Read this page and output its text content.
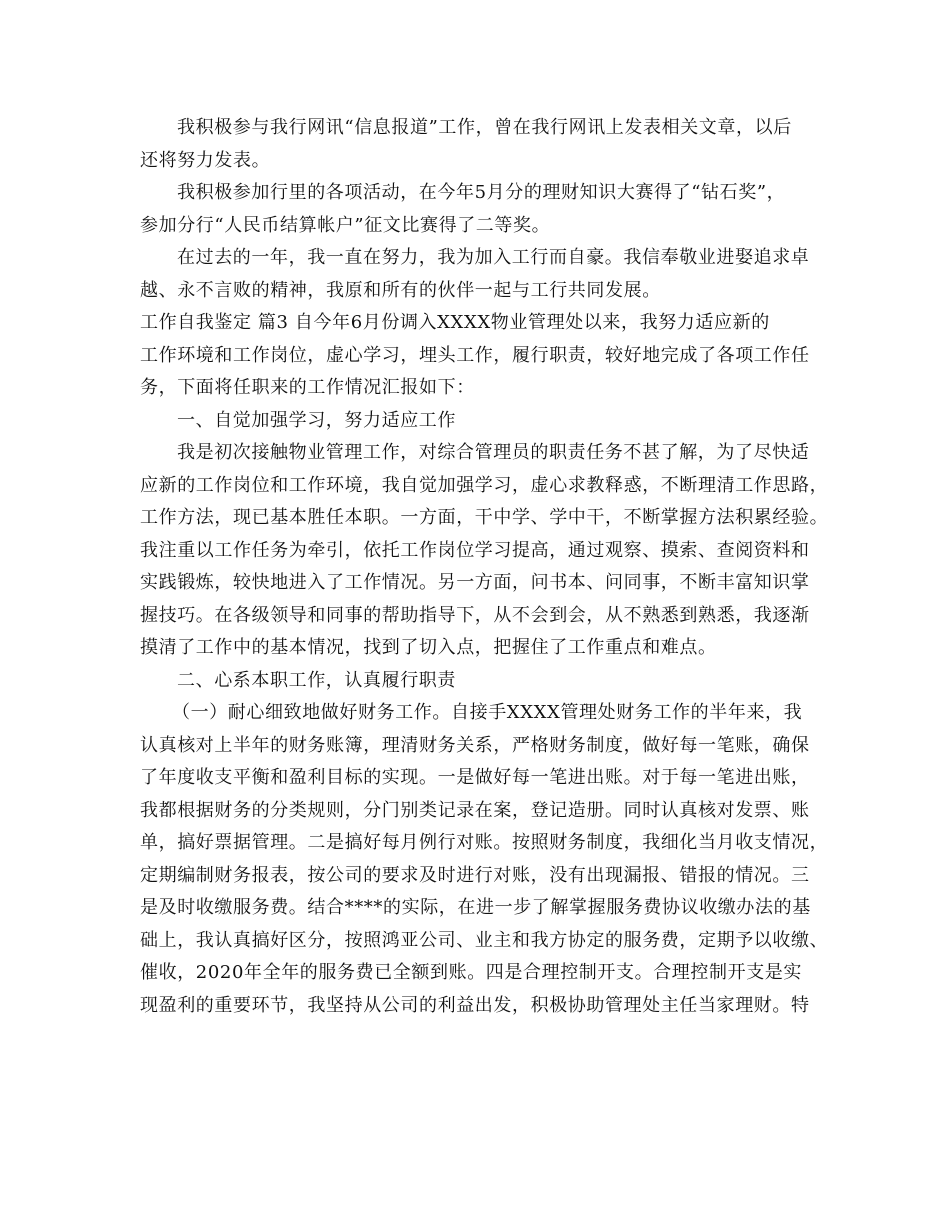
我积极参与我行网讯“信息报道”工作，曾在我行网讯上发表相关文章，以后
还将努力发表。
我积极参加行里的各项活动，在今年5月分的理财知识大赛得了“钻石奖”，
参加分行“人民币结算帐户”征文比赛得了二等奖。
在过去的一年，我一直在努力，我为加入工行而自豪。我信奉敬业进娶追求卓
越、永不言败的精神，我原和所有的伙伴一起与工行共同发展。
工作自我鉴定 篇3 自今年6月份调入XXXX物业管理处以来，我努力适应新的
工作环境和工作岗位，虚心学习，埋头工作，履行职责，较好地完成了各项工作任
务，下面将任职来的工作情况汇报如下：
一、自觉加强学习，努力适应工作
我是初次接触物业管理工作，对综合管理员的职责任务不甚了解，为了尽快适
应新的工作岗位和工作环境，我自觉加强学习，虚心求教释惑，不断理清工作思路，
工作方法，现已基本胜任本职。一方面，干中学、学中干，不断掌握方法积累经验。
我注重以工作任务为牵引，依托工作岗位学习提高，通过观察、摸索、查阅资料和
实践锻炼，较快地进入了工作情况。另一方面，问书本、问同事，不断丰富知识掌
握技巧。在各级领导和同事的帮助指导下，从不会到会，从不熟悉到熟悉，我逐渐
摸清了工作中的基本情况，找到了切入点，把握住了工作重点和难点。
二、心系本职工作，认真履行职责
（一）耐心细致地做好财务工作。自接手XXXX管理处财务工作的半年来，我
认真核对上半年的财务账簿，理清财务关系，严格财务制度，做好每一笔账，确保
了年度收支平衡和盈利目标的实现。一是做好每一笔进出账。对于每一笔进出账，
我都根据财务的分类规则，分门别类记录在案，登记造册。同时认真核对发票、账
单，搞好票据管理。二是搞好每月例行对账。按照财务制度，我细化当月收支情况，
定期编制财务报表，按公司的要求及时进行对账，没有出现漏报、错报的情况。三
是及时收缴服务费。结合****的实际，在进一步了解掌握服务费协议收缴办法的基
础上，我认真搞好区分，按照鸿亚公司、业主和我方协定的服务费，定期予以收缴、
催收，2020年全年的服务费已全额到账。四是合理控制开支。合理控制开支是实
现盈利的重要环节，我坚持从公司的利益出发，积极协助管理处主任当家理财。特
